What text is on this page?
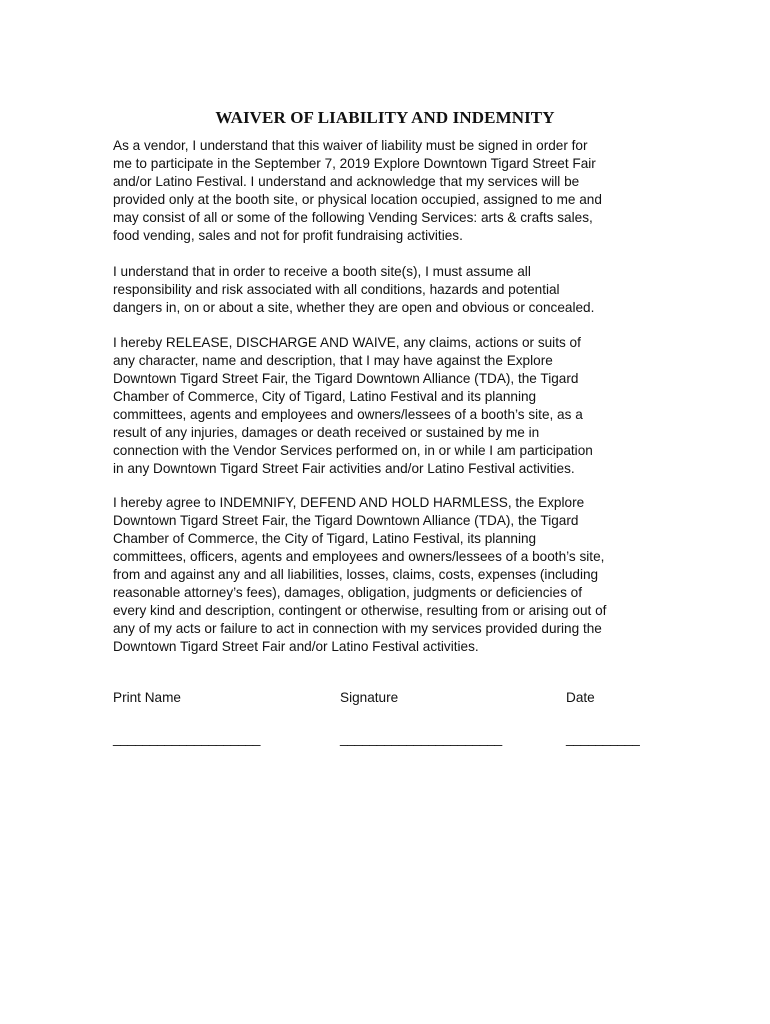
WAIVER OF LIABILITY AND INDEMNITY

As a vendor, I understand that this waiver of liability must be signed in order for
me to participate in the September 7, 2019 Explore Downtown Tigard Street Fair
and/or Latino Festival. I understand and acknowledge that my services will be
provided only at the booth site, or physical location occupied, assigned to me and
may consist of all or some of the following Vending Services: arts & crafts sales,
food vending, sales and not for profit fundraising activities.

I understand that in order to receive a booth site(s), I must assume all
responsibility and risk associated with all conditions, hazards and potential
dangers in, on or about a site, whether they are open and obvious or concealed.

I hereby RELEASE, DISCHARGE AND WAIVE, any claims, actions or suits of
any character, name and description, that I may have against the Explore
Downtown Tigard Street Fair, the Tigard Downtown Alliance (TDA), the Tigard
Chamber of Commerce, City of Tigard, Latino Festival and its planning
committees, agents and employees and owners/lessees of a booth’s site, as a
result of any injuries, damages or death received or sustained by me in
connection with the Vendor Services performed on, in or while I am participation
in any Downtown Tigard Street Fair activities and/or Latino Festival activities.

I hereby agree to INDEMNIFY, DEFEND AND HOLD HARMLESS, the Explore
Downtown Tigard Street Fair, the Tigard Downtown Alliance (TDA), the Tigard
Chamber of Commerce, the City of Tigard, Latino Festival, its planning
committees, officers, agents and employees and owners/lessees of a booth’s site,
from and against any and all liabilities, losses, claims, costs, expenses (including
reasonable attorney’s fees), damages, obligation, judgments or deficiencies of
every kind and description, contingent or otherwise, resulting from or arising out of
any of my acts or failure to act in connection with my services provided during the
Downtown Tigard Street Fair and/or Latino Festival activities.

Print Name	Signature	Date

____________________	______________________	__________
